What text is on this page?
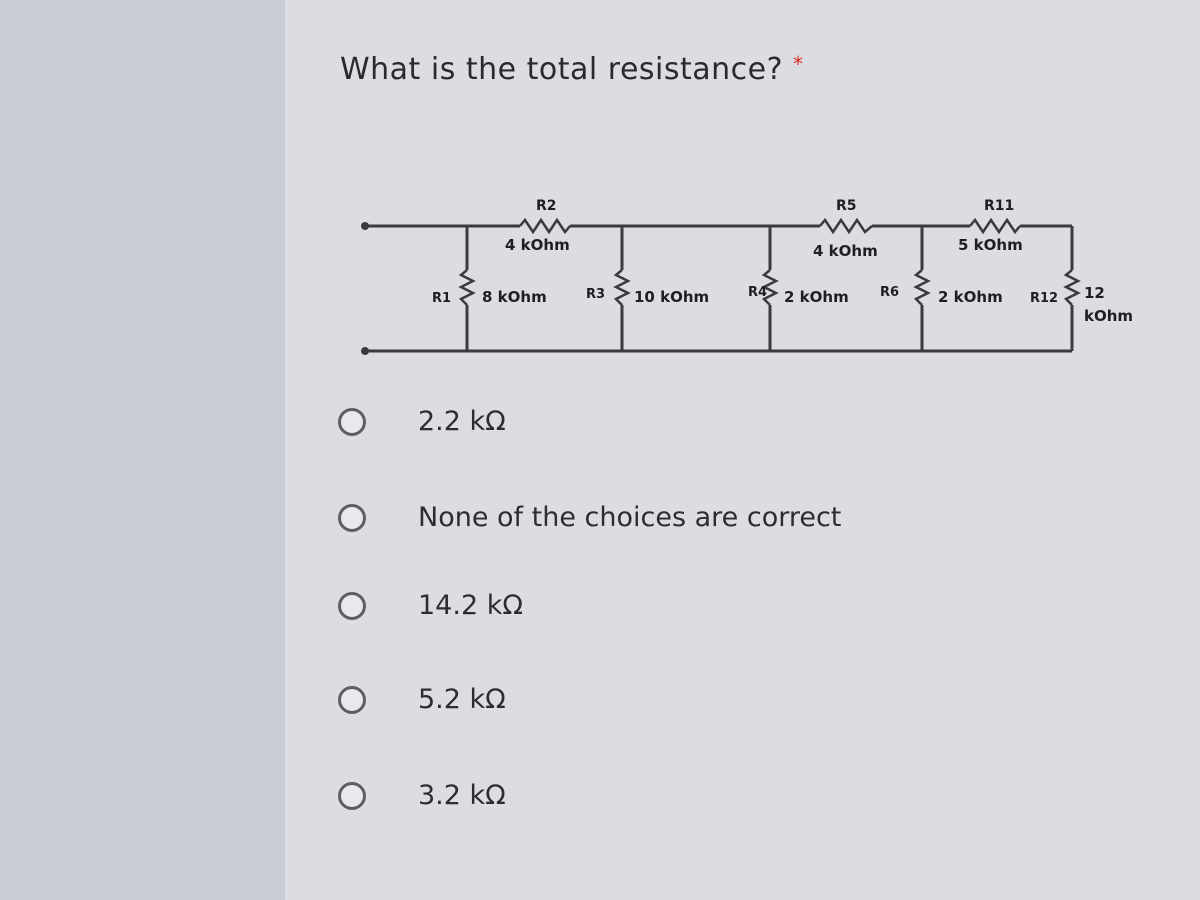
What is the total resistance? *
R2
4 kOhm
R5
4 kOhm
R11
5 kOhm
R1 8 kOhm	R3 10 kOhm	R4 2 kOhm R6	2 kOhm R12 12
kOhm
2.2 kΩ
None of the choices are correct
14.2 kΩ
5.2 kΩ
3.2 kΩ
